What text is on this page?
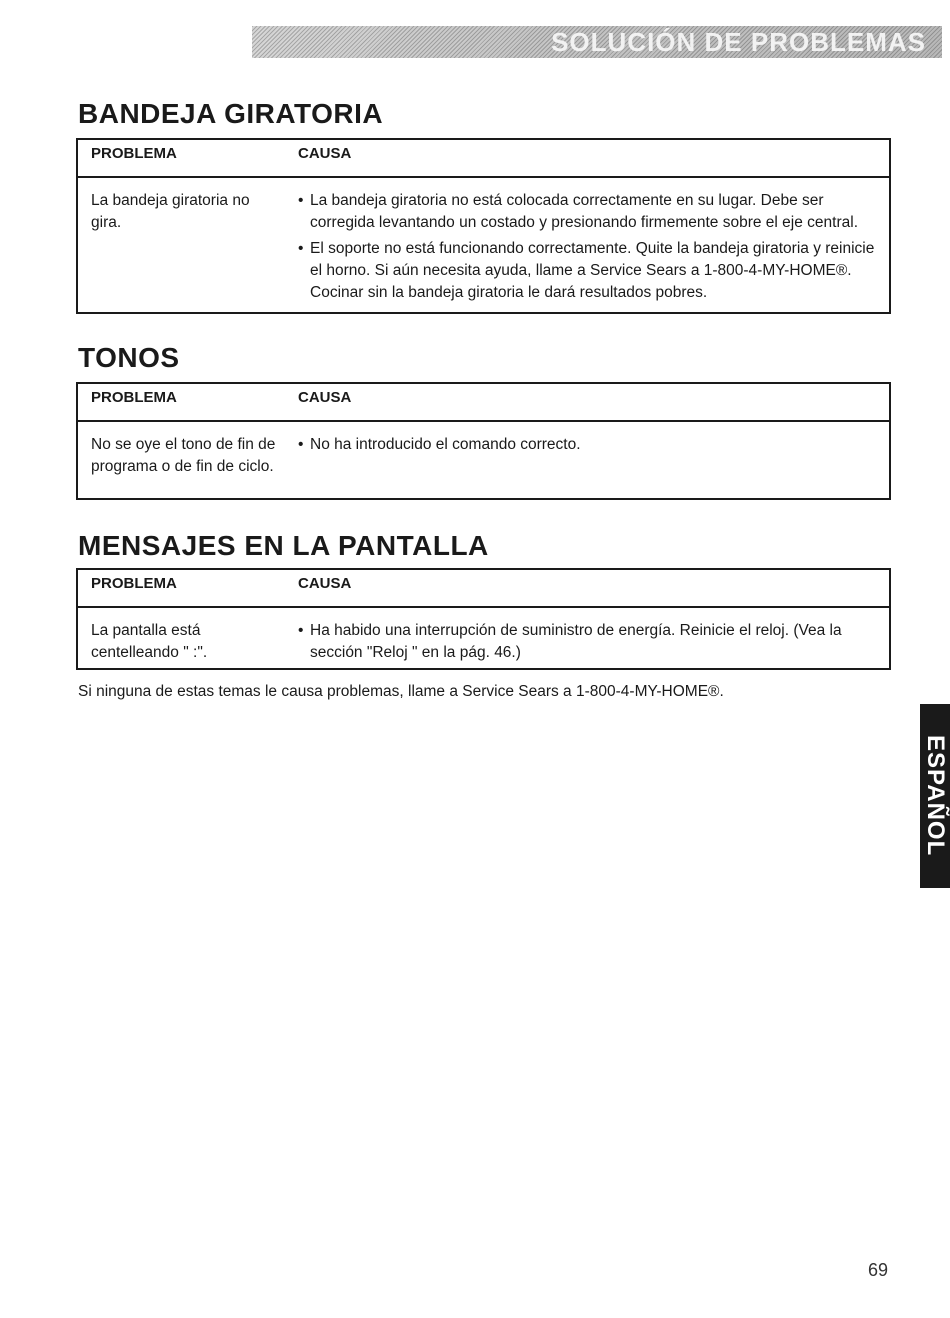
SOLUCIÓN DE PROBLEMAS
BANDEJA GIRATORIA
PROBLEMA	CAUSA
La bandeja giratoria no gira.
• La bandeja giratoria no está colocada correctamente en su lugar. Debe ser corregida levantando un costado y presionando firmemente sobre el eje central.
• El soporte no está funcionando correctamente. Quite la bandeja giratoria y reinicie el horno. Si aún necesita ayuda, llame a Service Sears a 1-800-4-MY-HOME®. Cocinar sin la bandeja giratoria le dará resultados pobres.
TONOS
PROBLEMA	CAUSA
No se oye el tono de fin de programa o de fin de ciclo.
• No ha introducido el comando correcto.
MENSAJES EN LA PANTALLA
PROBLEMA	CAUSA
La pantalla está centelleando " :".
• Ha habido una interrupción de suministro de energía. Reinicie el reloj. (Vea la sección "Reloj " en la pág. 46.)
Si ninguna de estas temas le causa problemas, llame a Service Sears a 1-800-4-MY-HOME®.
ESPAÑOL
69
